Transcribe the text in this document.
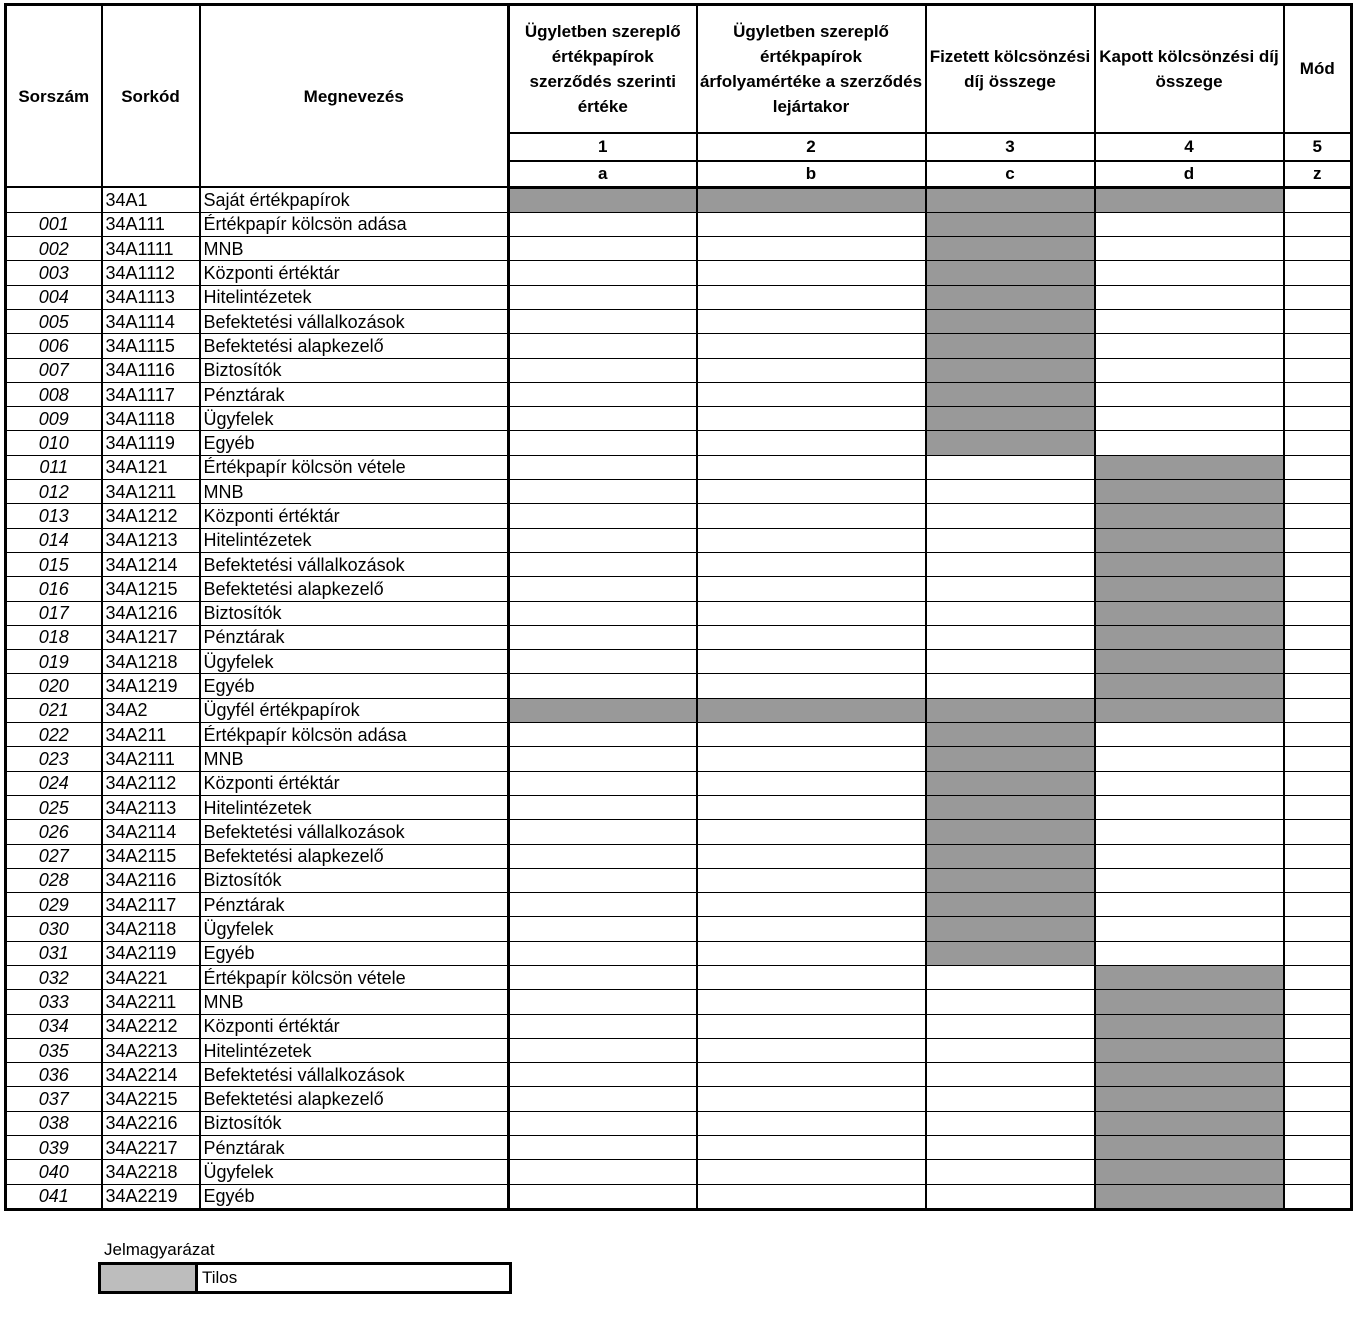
Sorszám	Sorkód	Megnevezés	Ügyletben szereplő értékpapírok szerződés szerinti értéke	Ügyletben szereplő értékpapírok árfolyamértéke a szerződés lejártakor	Fizetett kölcsönzési díj összege	Kapott kölcsönzési díj összege	Mód
			1	2	3	4	5
			a	b	c	d	z
	34A1	Saját értékpapírok					
001	34A111	Értékpapír kölcsön adása					
002	34A1111	MNB					
003	34A1112	Központi értéktár					
004	34A1113	Hitelintézetek					
005	34A1114	Befektetési vállalkozások					
006	34A1115	Befektetési alapkezelő					
007	34A1116	Biztosítók					
008	34A1117	Pénztárak					
009	34A1118	Ügyfelek					
010	34A1119	Egyéb					
011	34A121	Értékpapír kölcsön vétele					
012	34A1211	MNB					
013	34A1212	Központi értéktár					
014	34A1213	Hitelintézetek					
015	34A1214	Befektetési vállalkozások					
016	34A1215	Befektetési alapkezelő					
017	34A1216	Biztosítók					
018	34A1217	Pénztárak					
019	34A1218	Ügyfelek					
020	34A1219	Egyéb					
021	34A2	Ügyfél értékpapírok					
022	34A211	Értékpapír kölcsön adása					
023	34A2111	MNB					
024	34A2112	Központi értéktár					
025	34A2113	Hitelintézetek					
026	34A2114	Befektetési vállalkozások					
027	34A2115	Befektetési alapkezelő					
028	34A2116	Biztosítók					
029	34A2117	Pénztárak					
030	34A2118	Ügyfelek					
031	34A2119	Egyéb					
032	34A221	Értékpapír kölcsön vétele					
033	34A2211	MNB					
034	34A2212	Központi értéktár					
035	34A2213	Hitelintézetek					
036	34A2214	Befektetési vállalkozások					
037	34A2215	Befektetési alapkezelő					
038	34A2216	Biztosítók					
039	34A2217	Pénztárak					
040	34A2218	Ügyfelek					
041	34A2219	Egyéb					
Jelmagyarázat
Tilos
